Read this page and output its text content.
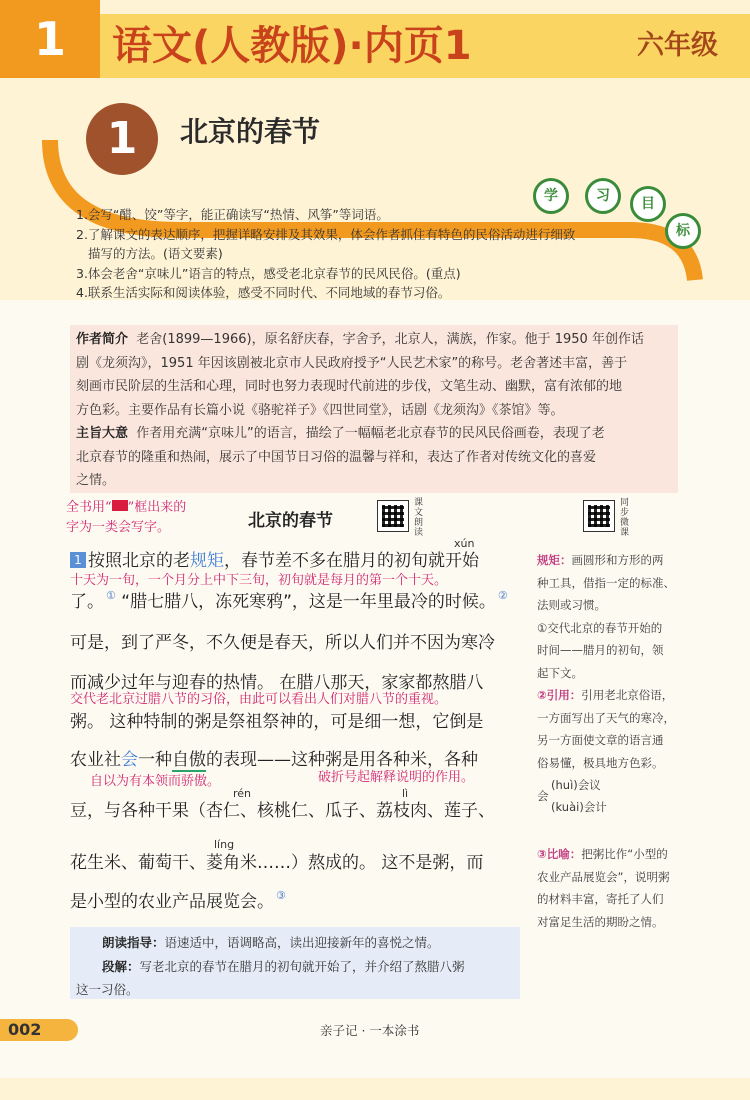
1	语文(人教版)·内页1	六年级
1	北京的春节
学	习	目
标
1.会写“醋、饺”等字，能正确读写“热情、风筝”等词语。
2.了解课文的表达顺序，把握详略安排及其效果，体会作者抓住有特色的民俗活动进行细致
描写的方法。(语文要素)
3.体会老舍“京味儿”语言的特点，感受老北京春节的民风民俗。(重点)
4.联系生活实际和阅读体验，感受不同时代、不同地域的春节习俗。
作者简介 老舍(1899—1966)，原名舒庆春，字舍予，北京人，满族，作家。他于 1950 年创作话
剧《龙须沟》，1951 年因该剧被北京市人民政府授予“人民艺术家”的称号。老舍著述丰富，善于
刻画市民阶层的生活和心理，同时也努力表现时代前进的步伐，文笔生动、幽默，富有浓郁的地
方色彩。主要作品有长篇小说《骆驼祥子》《四世同堂》，话剧《龙须沟》《茶馆》等。
主旨大意 作者用充满“京味儿”的语言，描绘了一幅幅老北京春节的民风民俗画卷，表现了老
北京春节的隆重和热闹，展示了中国节日习俗的温馨与祥和，表达了作者对传统文化的喜爱
之情。
全书用“ ”框出来的
字为一类会写字。	北京的春节
课文朗读
同步微课
xún
1 按照北京的老规矩，春节差不多在腊月的初旬就开始
十天为一旬，一个月分上中下三旬，初旬就是每月的第一个十天。
了。 ① “腊七腊八，冻死寒鸦”，这是一年里最冷的时候。 ②
可是，到了严冬，不久便是春天，所以人们并不因为寒冷
而减少过年与迎春的热情。 在腊八那天，家家都熬腊八
交代老北京过腊八节的习俗，由此可以看出人们对腊八节的重视。
粥。 这种特制的粥是祭祖祭神的，可是细一想，它倒是
农业社会一种自傲的表现——这种粥是用各种米，各种
自以为有本领而骄傲。	破折号起解释说明的作用。
rén	lì
豆，与各种干果（杏仁、核桃仁、瓜子、荔枝肉、莲子、
líng
花生米、葡萄干、菱角米……）熬成的。 这不是粥，而
是小型的农业产品展览会。 ③
规矩：画圆形和方形的两
种工具，借指一定的标准、
法则或习惯。
①交代北京的春节开始的
时间——腊月的初旬，领
起下文。
②引用：引用老北京俗语，
一方面写出了天气的寒冷，
另一方面使文章的语言通
俗易懂，极具地方色彩。
会
(huì)会议
(kuài)会计
③比喻：把粥比作“小型的
农业产品展览会”，说明粥
的材料丰富，寄托了人们
对富足生活的期盼之情。
朗读指导：语速适中，语调略高，读出迎接新年的喜悦之情。
段解：写老北京的春节在腊月的初旬就开始了，并介绍了熬腊八粥
这一习俗。
002	亲子记 · 一本涂书
